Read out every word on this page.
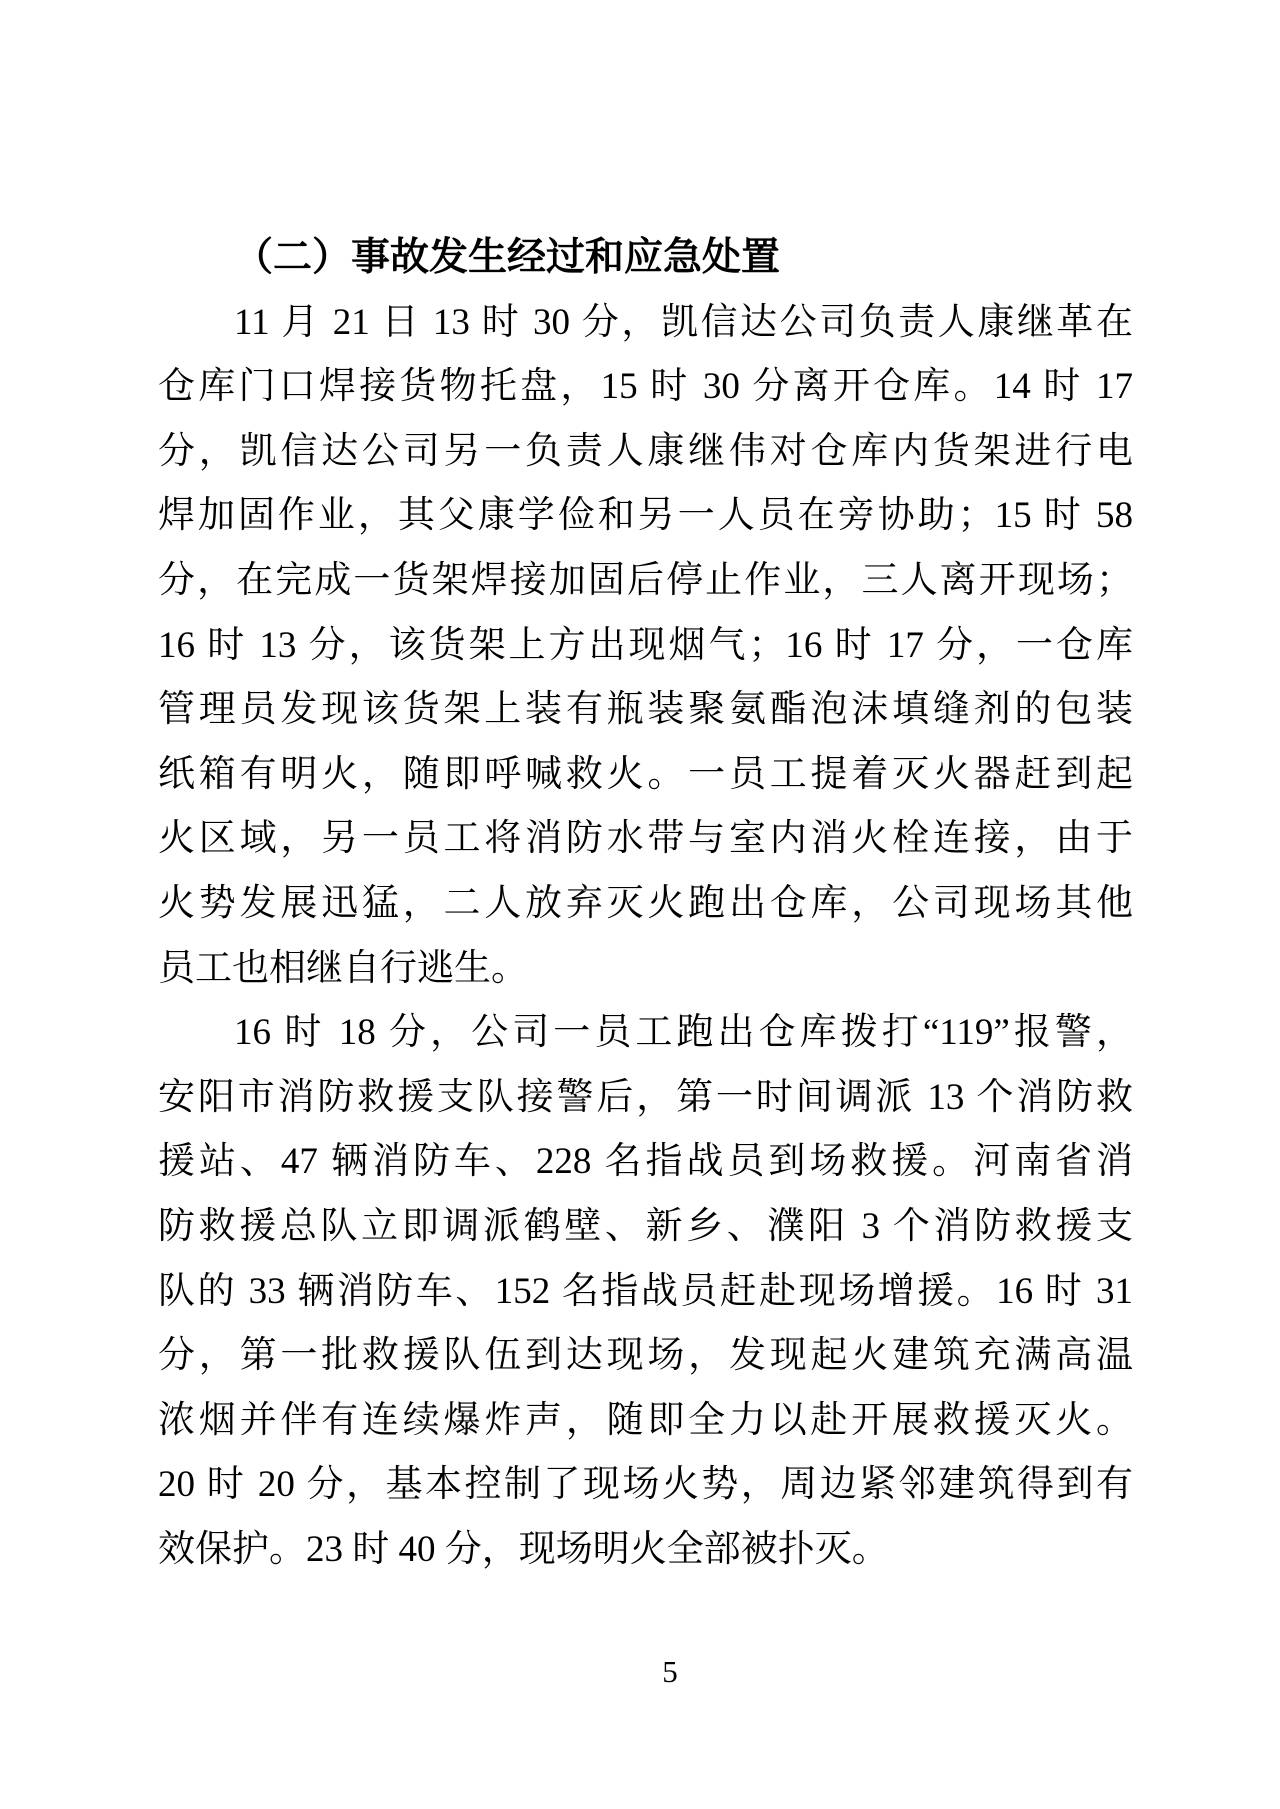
（二）事故发生经过和应急处置
11 月 21 日 13 时 30 分，凯信达公司负责人康继革在
仓库门口焊接货物托盘，15 时 30 分离开仓库。14 时 17
分，凯信达公司另一负责人康继伟对仓库内货架进行电
焊加固作业，其父康学俭和另一人员在旁协助；15 时 58
分，在完成一货架焊接加固后停止作业，三人离开现场；
16 时 13 分，该货架上方出现烟气；16 时 17 分，一仓库
管理员发现该货架上装有瓶装聚氨酯泡沫填缝剂的包装
纸箱有明火，随即呼喊救火。一员工提着灭火器赶到起
火区域，另一员工将消防水带与室内消火栓连接，由于
火势发展迅猛，二人放弃灭火跑出仓库，公司现场其他
员工也相继自行逃生。
16 时 18 分，公司一员工跑出仓库拨打“119”报警，
安阳市消防救援支队接警后，第一时间调派 13 个消防救
援站、47 辆消防车、228 名指战员到场救援。河南省消
防救援总队立即调派鹤壁、新乡、濮阳 3 个消防救援支
队的 33 辆消防车、152 名指战员赶赴现场增援。16 时 31
分，第一批救援队伍到达现场，发现起火建筑充满高温
浓烟并伴有连续爆炸声，随即全力以赴开展救援灭火。
20 时 20 分，基本控制了现场火势，周边紧邻建筑得到有
效保护。23 时 40 分，现场明火全部被扑灭。
5
